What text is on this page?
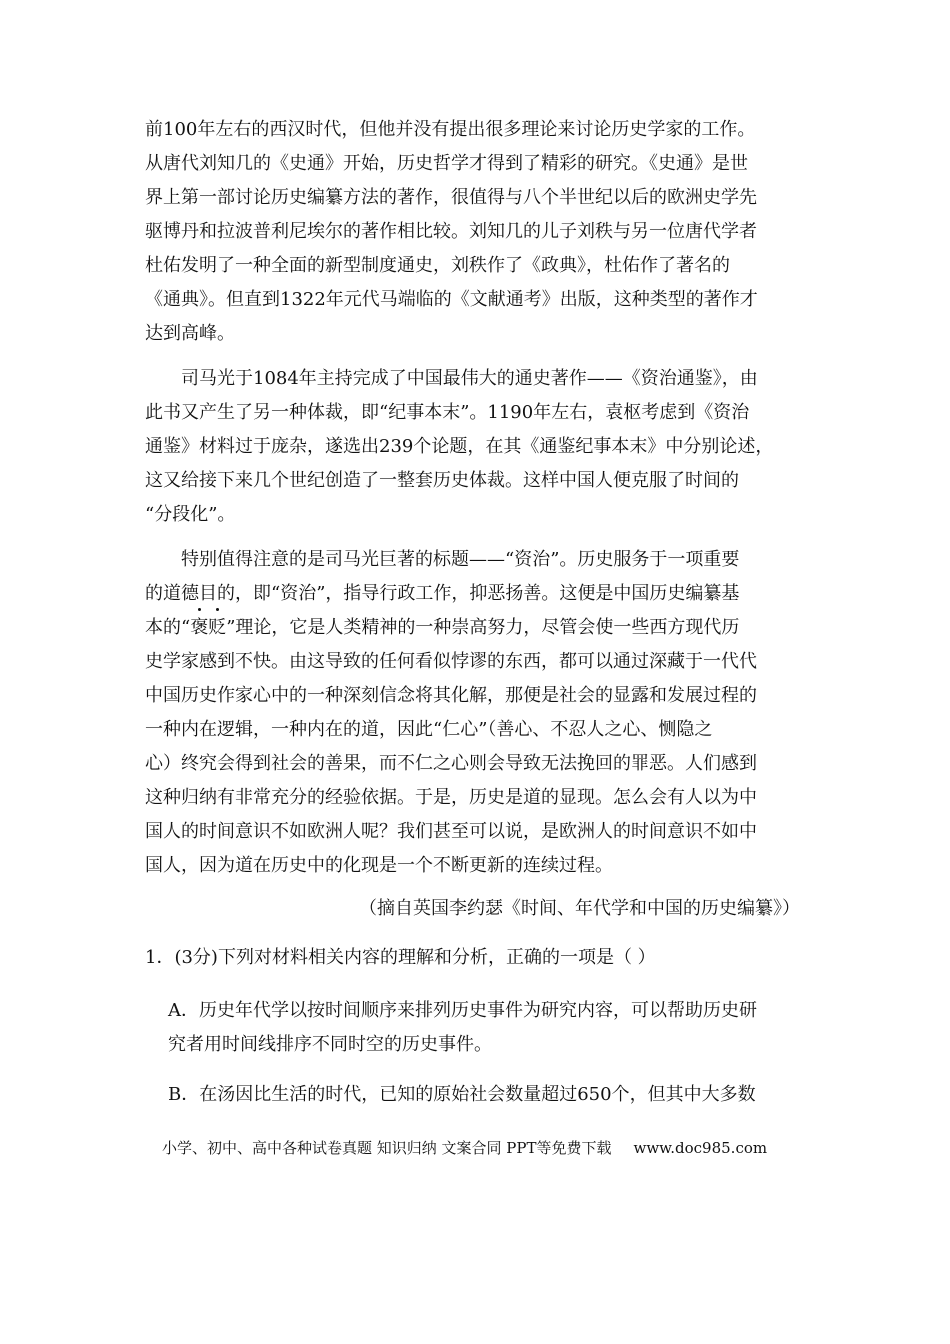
前100年左右的西汉时代，但他并没有提出很多理论来讨论历史学家的工作。
从唐代刘知几的《史通》开始，历史哲学才得到了精彩的研究。《史通》是世
界上第一部讨论历史编纂方法的著作，很值得与八个半世纪以后的欧洲史学先
驱博丹和拉波普利尼埃尔的著作相比较。刘知几的儿子刘秩与另一位唐代学者
杜佑发明了一种全面的新型制度通史，刘秩作了《政典》，杜佑作了著名的
《通典》。但直到1322年元代马端临的《文献通考》出版，这种类型的著作才
达到高峰。
司马光于1084年主持完成了中国最伟大的通史著作——《资治通鉴》，由
此书又产生了另一种体裁，即“纪事本末”。1190年左右，袁枢考虑到《资治
通鉴》材料过于庞杂，遂选出239个论题，在其《通鉴纪事本末》中分别论述，
这又给接下来几个世纪创造了一整套历史体裁。这样中国人便克服了时间的
“分段化”。
特别值得注意的是司马光巨著的标题——“资治”。历史服务于一项重要
的道德目的，即“资治”，指导行政工作，抑恶扬善。这便是中国历史编纂基
本的“褒贬”理论，它是人类精神的一种崇高努力，尽管会使一些西方现代历
史学家感到不快。由这导致的任何看似悖谬的东西，都可以通过深藏于一代代
中国历史作家心中的一种深刻信念将其化解，那便是社会的显露和发展过程的
一种内在逻辑，一种内在的道，因此“仁心”（善心、不忍人之心、恻隐之
心）终究会得到社会的善果，而不仁之心则会导致无法挽回的罪恶。人们感到
这种归纳有非常充分的经验依据。于是，历史是道的显现。怎么会有人以为中
国人的时间意识不如欧洲人呢？我们甚至可以说，是欧洲人的时间意识不如中
国人，因为道在历史中的化现是一个不断更新的连续过程。
（摘自英国李约瑟《时间、年代学和中国的历史编纂》）
1．(3分)下列对材料相关内容的理解和分析，正确的一项是（ ）
A．历史年代学以按时间顺序来排列历史事件为研究内容，可以帮助历史研
究者用时间线排序不同时空的历史事件。
B．在汤因比生活的时代，已知的原始社会数量超过650个，但其中大多数
小学、初中、高中各种试卷真题 知识归纳 文案合同 PPT等免费下载 www.doc985.com
